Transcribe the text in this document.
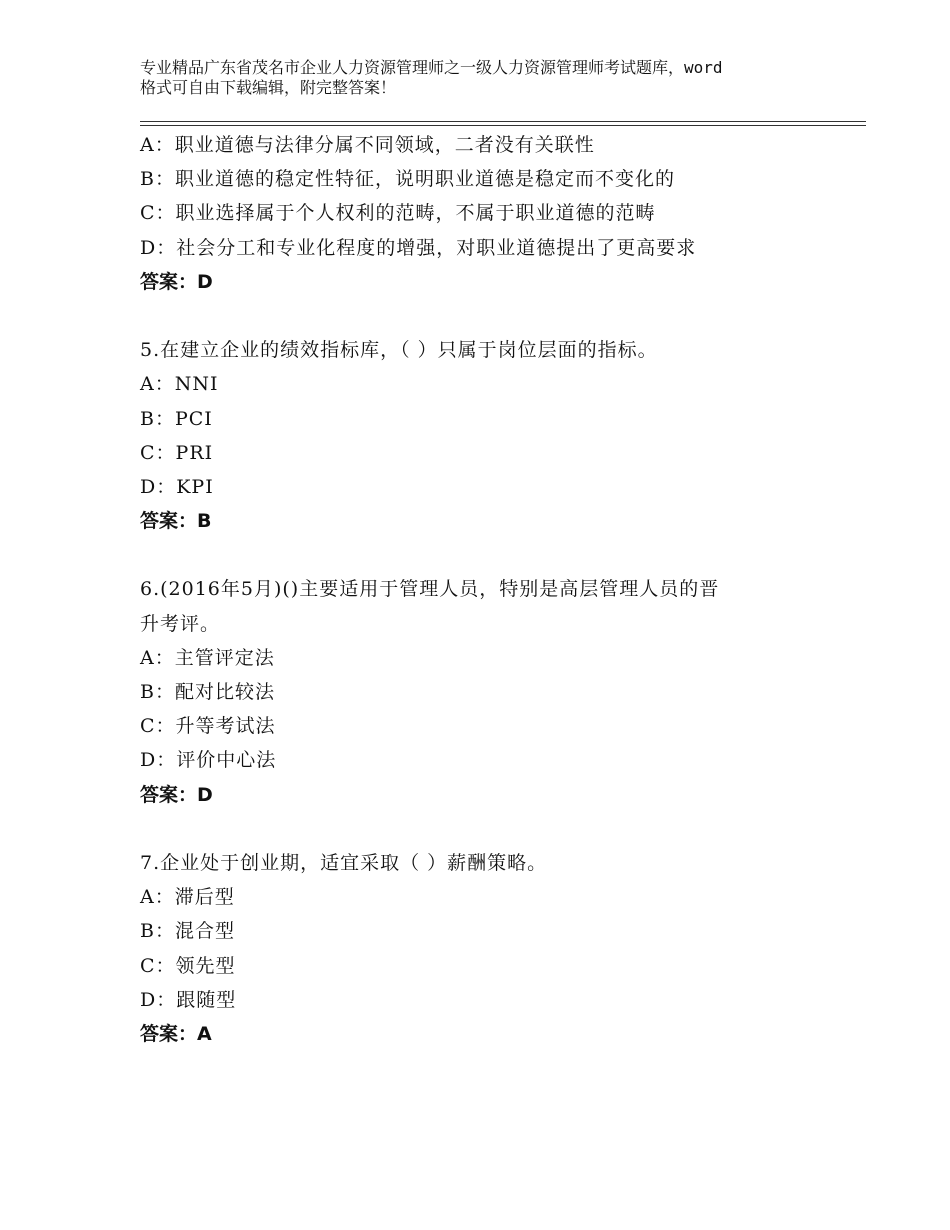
专业精品广东省茂名市企业人力资源管理师之一级人力资源管理师考试题库，word
格式可自由下载编辑，附完整答案！
A：职业道德与法律分属不同领域，二者没有关联性
B：职业道德的稳定性特征，说明职业道德是稳定而不变化的
C：职业选择属于个人权利的范畴，不属于职业道德的范畴
D：社会分工和专业化程度的增强，对职业道德提出了更高要求
答案：D
5.在建立企业的绩效指标库，（ ）只属于岗位层面的指标。
A：NNI
B：PCI
C：PRI
D：KPI
答案：B
6.(2016年5月)()主要适用于管理人员，特别是高层管理人员的晋
升考评。
A：主管评定法
B：配对比较法
C：升等考试法
D：评价中心法
答案：D
7.企业处于创业期，适宜采取（ ）薪酬策略。
A：滞后型
B：混合型
C：领先型
D：跟随型
答案：A
